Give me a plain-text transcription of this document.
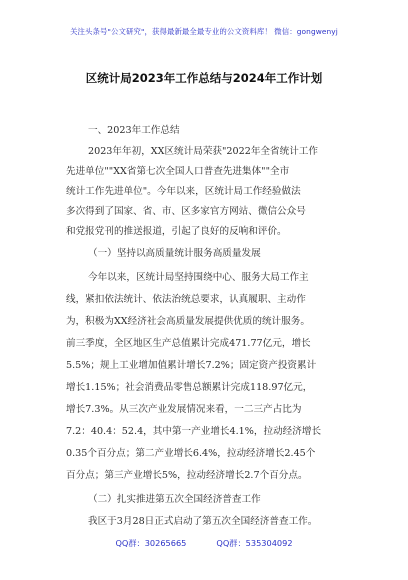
关注头条号"公文研究"，获得最新最全最专业的公文资料库！ 微信：gongwenyj
区统计局2023年工作总结与2024年工作计划
一、2023年工作总结
2023年年初，XX区统计局荣获"2022年全省统计工作
先进单位""XX省第七次全国人口普查先进集体""全市
统计工作先进单位"。今年以来，区统计局工作经验做法
多次得到了国家、省、市、区多家官方网站、微信公众号
和党报党刊的推送报道，引起了良好的反响和评价。
（一）坚持以高质量统计服务高质量发展
今年以来，区统计局坚持围绕中心、服务大局工作主
线，紧扣依法统计、依法治统总要求，认真履职、主动作
为，积极为XX经济社会高质量发展提供优质的统计服务。
前三季度，全区地区生产总值累计完成471.77亿元，增长
5.5%；规上工业增加值累计增长7.2%；固定资产投资累计
增长1.15%；社会消费品零售总额累计完成118.97亿元，
增长7.3%。从三次产业发展情况来看，一二三产占比为
7.2：40.4：52.4，其中第一产业增长4.1%，拉动经济增长
0.35个百分点；第二产业增长6.4%，拉动经济增长2.45个
百分点；第三产业增长5%，拉动经济增长2.7个百分点。
（二）扎实推进第五次全国经济普查工作
我区于3月28日正式启动了第五次全国经济普查工作。
QQ群：30265665	QQ群：535304092
